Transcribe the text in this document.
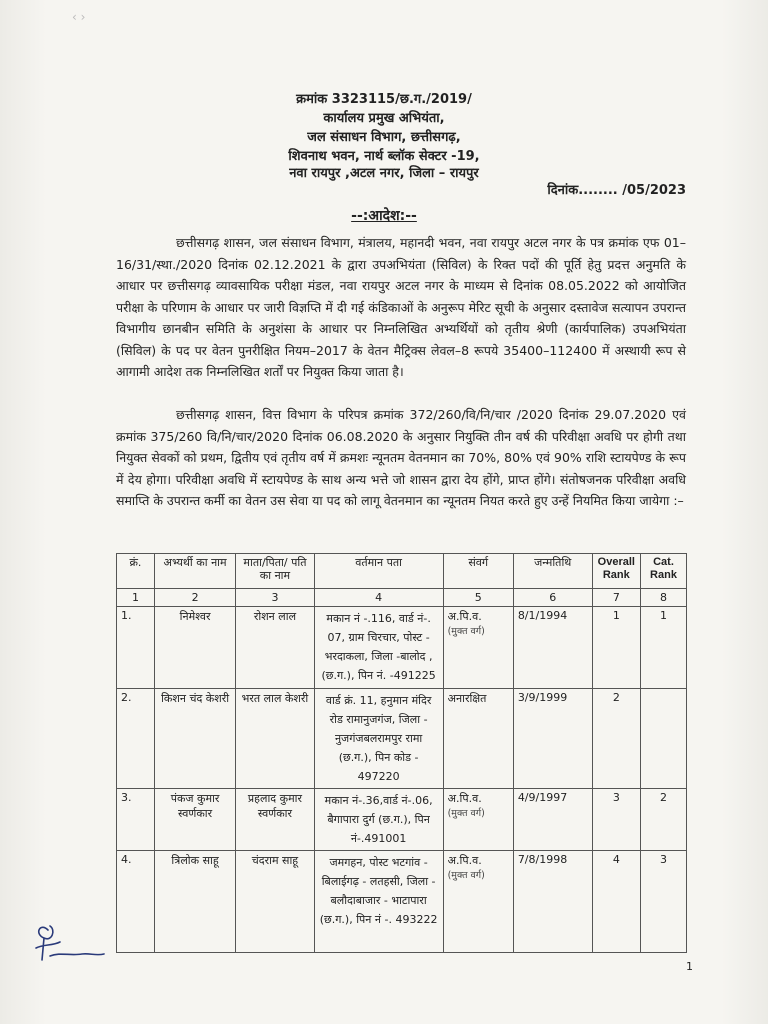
‹ ›
क्रमांक 3323115/छ.ग./2019/
कार्यालय प्रमुख अभियंता,
जल संसाधन विभाग, छत्तीसगढ़,
शिवनाथ भवन, नार्थ ब्लॉक सेक्टर -19,
नवा रायपुर ,अटल नगर, जिला – रायपुर
दिनांक........ /05/2023
--:आदेश:--
छत्तीसगढ़ शासन, जल संसाधन विभाग, मंत्रालय, महानदी भवन, नवा रायपुर अटल नगर के पत्र क्रमांक एफ 01–16/31/स्था./2020 दिनांक 02.12.2021 के द्वारा उपअभियंता (सिविल) के रिक्त पदों की पूर्ति हेतु प्रदत्त अनुमति के आधार पर छत्तीसगढ़ व्यावसायिक परीक्षा मंडल, नवा रायपुर अटल नगर के माध्यम से दिनांक 08.05.2022 को आयोजित परीक्षा के परिणाम के आधार पर जारी विज्ञप्ति में दी गई कंडिकाओं के अनुरूप मेरिट सूची के अनुसार दस्तावेज सत्यापन उपरान्त विभागीय छानबीन समिति के अनुशंसा के आधार पर निम्नलिखित अभ्यर्थियों को तृतीय श्रेणी (कार्यपालिक) उपअभियंता (सिविल) के पद पर वेतन पुनरीक्षित नियम–2017 के वेतन मैट्रिक्स लेवल–8 रूपये 35400–112400 में अस्थायी रूप से आगामी आदेश तक निम्नलिखित शर्तों पर नियुक्त किया जाता है।
छत्तीसगढ़ शासन, वित्त विभाग के परिपत्र क्रमांक 372/260/वि/नि/चार /2020 दिनांक 29.07.2020 एवं क्रमांक 375/260 वि/नि/चार/2020 दिनांक 06.08.2020 के अनुसार नियुक्ति तीन वर्ष की परिवीक्षा अवधि पर होगी तथा नियुक्त सेवकों को प्रथम, द्वितीय एवं तृतीय वर्ष में क्रमशः न्यूनतम वेतनमान का 70%, 80% एवं 90% राशि स्टायपेण्ड के रूप में देय होगा। परिवीक्षा अवधि में स्टायपेण्ड के साथ अन्य भत्ते जो शासन द्वारा देय होंगे, प्राप्त होंगे। संतोषजनक परिवीक्षा अवधि समाप्ति के उपरान्त कर्मी का वेतन उस सेवा या पद को लागू वेतनमान का न्यूनतम नियत करते हुए उन्हें नियमित किया जायेगा :–
क्रं.	अभ्यर्थी का नाम	माता/पिता/ पति का नाम	वर्तमान पता	संवर्ग	जन्मतिथि	Overall Rank	Cat. Rank
1	2	3	4	5	6	7	8
1.	निमेश्वर	रोशन लाल	मकान नं -.116, वार्ड नं-. 07, ग्राम चिरचार, पोस्ट - भरदाकला, जिला -बालोद , (छ.ग.), पिन नं. -491225	अ.पि.व.
(मुक्त वर्ग)	8/1/1994	1	1
2.	किशन चंद केशरी	भरत लाल केशरी	वार्ड क्रं. 11, हनुमान मंदिर रोड रामानुजगंज, जिला - नुजगंजबलरामपुर रामा (छ.ग.), पिन कोड - 497220	अनारक्षित	3/9/1999	2	
3.	पंकज कुमार स्वर्णकार	प्रहलाद कुमार स्वर्णकार	मकान नं-.36,वार्ड नं-.06, बैगापारा दुर्ग (छ.ग.), पिन नं-.491001	अ.पि.व.
(मुक्त वर्ग)	4/9/1997	3	2
4.	त्रिलोक साहू	चंदराम साहू	जमगहन, पोस्ट भटगांव - बिलाईगढ़ - लतहसी, जिला - बलौदाबाजार - भाटापारा (छ.ग.), पिन नं -. 493222	अ.पि.व.
(मुक्त वर्ग)	7/8/1998	4	3
1
